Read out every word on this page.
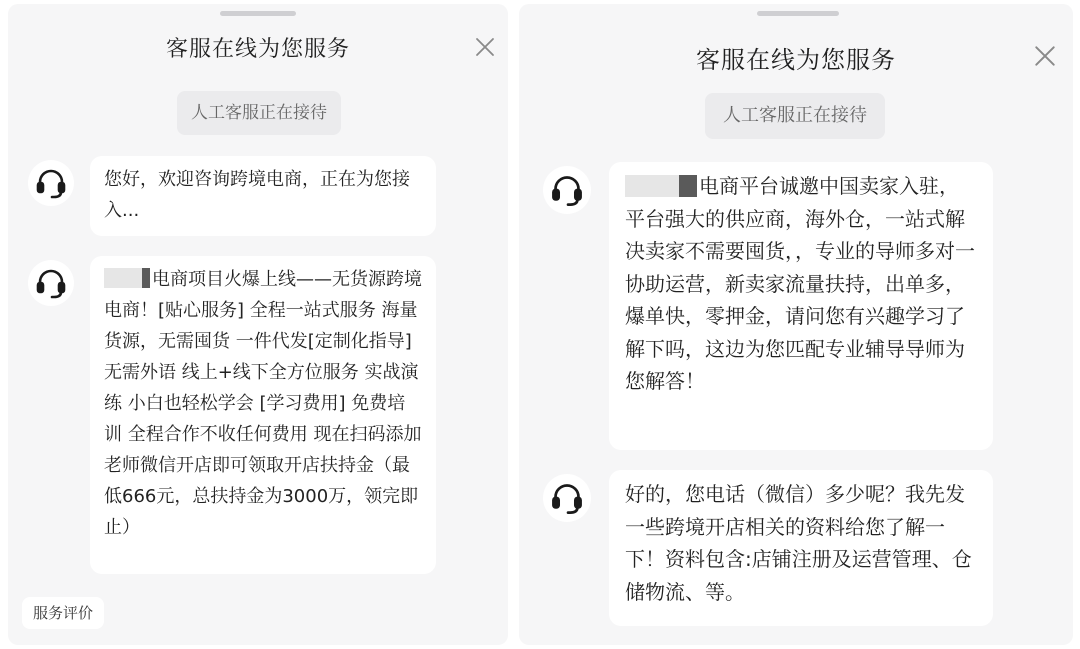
客服在线为您服务
人工客服正在接待
您好，欢迎咨询跨境电商，正在为您接入...
电商项目火爆上线——无货源跨境电商！[贴心服务] 全程一站式服务 海量货源，无需囤货 一件代发[定制化指导] 无需外语 线上+线下全方位服务 实战演练 小白也轻松学会 [学习费用] 免费培训 全程合作不收任何费用 现在扫码添加老师微信开店即可领取开店扶持金（最低666元，总扶持金为3000万，领完即止）
服务评价
客服在线为您服务
人工客服正在接待
电商平台诚邀中国卖家入驻，平台强大的供应商，海外仓，一站式解决卖家不需要囤货，，专业的导师多对一协助运营，新卖家流量扶持，出单多，爆单快，零押金，请问您有兴趣学习了解下吗，这边为您匹配专业辅导导师为您解答！
好的，您电话（微信）多少呢？我先发一些跨境开店相关的资料给您了解一下！资料包含:店铺注册及运营管理、仓储物流、等。
